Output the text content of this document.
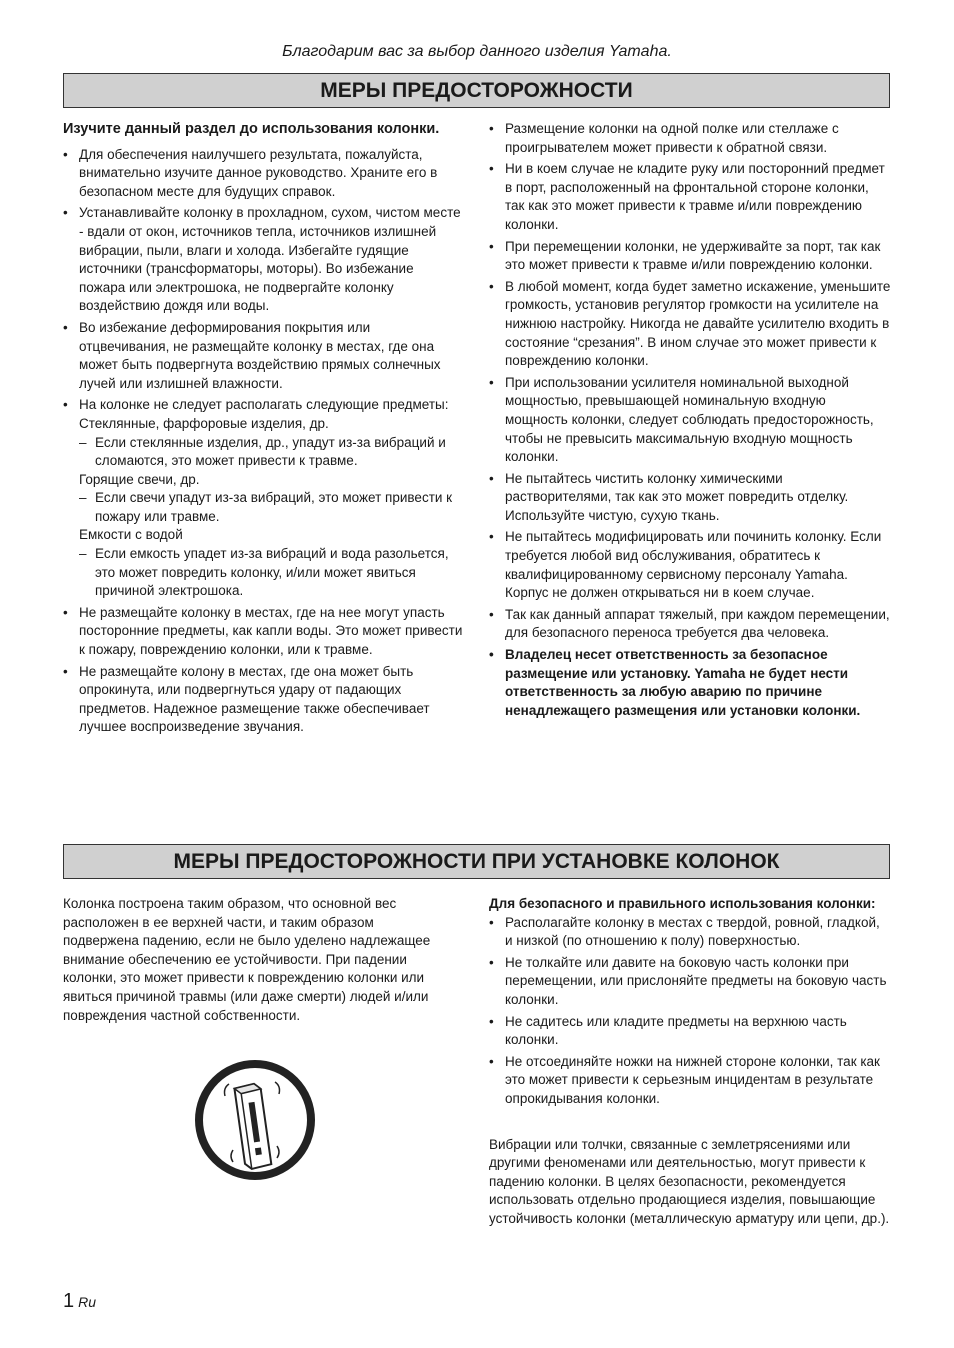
Благодарим вас за выбор данного изделия Yamaha.
МЕРЫ ПРЕДОСТОРОЖНОСТИ

Изучите данный раздел до использования колонки.

• Для обеспечения наилучшего результата, пожалуйста, внимательно изучите данное руководство. Храните его в безопасном месте для будущих справок.
• Устанавливайте колонку в прохладном, сухом, чистом месте - вдали от окон, источников тепла, источников излишней вибрации, пыли, влаги и холода. Избегайте гудящие источники (трансформаторы, моторы). Во избежание пожара или электрошока, не подвергайте колонку воздействию дождя или воды.
• Во избежание деформирования покрытия или отцвечивания, не размещайте колонку в местах, где она может быть подвергнута воздействию прямых солнечных лучей или излишней влажности.
• На колонке не следует располагать следующие предметы:
Стеклянные, фарфоровые изделия, др.
– Если стеклянные изделия, др., упадут из-за вибраций и сломаются, это может привести к травме.
Горящие свечи, др.
– Если свечи упадут из-за вибраций, это может привести к пожару или травме.
Емкости с водой
– Если емкость упадет из-за вибраций и вода разольется, это может повредить колонку, и/или может явиться причиной электрошока.
• Не размещайте колонку в местах, где на нее могут упасть посторонние предметы, как капли воды. Это может привести к пожару, повреждению колонки, или к травме.
• Не размещайте колону в местах, где она может быть опрокинута, или подвергнуться удару от падающих предметов. Надежное размещение также обеспечивает лучшее воспроизведение звучания.
• Размещение колонки на одной полке или стеллаже с проигрывателем может привести к обратной связи.
• Ни в коем случае не кладите руку или посторонний предмет в порт, расположенный на фронтальной стороне колонки, так как это может привести к травме и/или повреждению колонки.
• При перемещении колонки, не удерживайте за порт, так как это может привести к травме и/или повреждению колонки.
• В любой момент, когда будет заметно искажение, уменьшите громкость, установив регулятор громкости на усилителе на нижнюю настройку. Никогда не давайте усилителю входить в состояние “срезания”. В ином случае это может привести к повреждению колонки.
• При использовании усилителя номинальной выходной мощностью, превышающей номинальную входную мощность колонки, следует соблюдать предосторожность, чтобы не превысить максимальную входную мощность колонки.
• Не пытайтесь чистить колонку химическими растворителями, так как это может повредить отделку. Используйте чистую, сухую ткань.
• Не пытайтесь модифицировать или починить колонку. Если требуется любой вид обслуживания, обратитесь к квалифицированному сервисному персоналу Yamaha. Корпус не должен открываться ни в коем случае.
• Так как данный аппарат тяжелый, при каждом перемещении, для безопасного переноса требуется два человека.
• Владелец несет ответственность за безопасное размещение или установку. Yamaha не будет нести ответственность за любую аварию по причине ненадлежащего размещения или установки колонки.
МЕРЫ ПРЕДОСТОРОЖНОСТИ ПРИ УСТАНОВКЕ КОЛОНОК

Колонка построена таким образом, что основной вес расположен в ее верхней части, и таким образом подвержена падению, если не было уделено надлежащее внимание обеспечению ее устойчивости. При падении колонки, это может привести к повреждению колонки или явиться причиной травмы (или даже смерти) людей и/или повреждения частной собственности.

Для безопасного и правильного использования колонки:

• Располагайте колонку в местах с твердой, ровной, гладкой, и низкой (по отношению к полу) поверхностью.
• Не толкайте или давите на боковую часть колонки при перемещении, или прислоняйте предметы на боковую часть колонки.
• Не садитесь или кладите предметы на верхнюю часть колонки.
• Не отсоединяйте ножки на нижней стороне колонки, так как это может привести к серьезным инцидентам в результате опрокидывания колонки.

Вибрации или толчки, связанные с землетрясениями или другими феноменами или деятельностью, могут привести к падению колонки. В целях безопасности, рекомендуется использовать отдельно продающиеся изделия, повышающие устойчивость колонки (металлическую арматуру или цепи, др.).

1 Ru
